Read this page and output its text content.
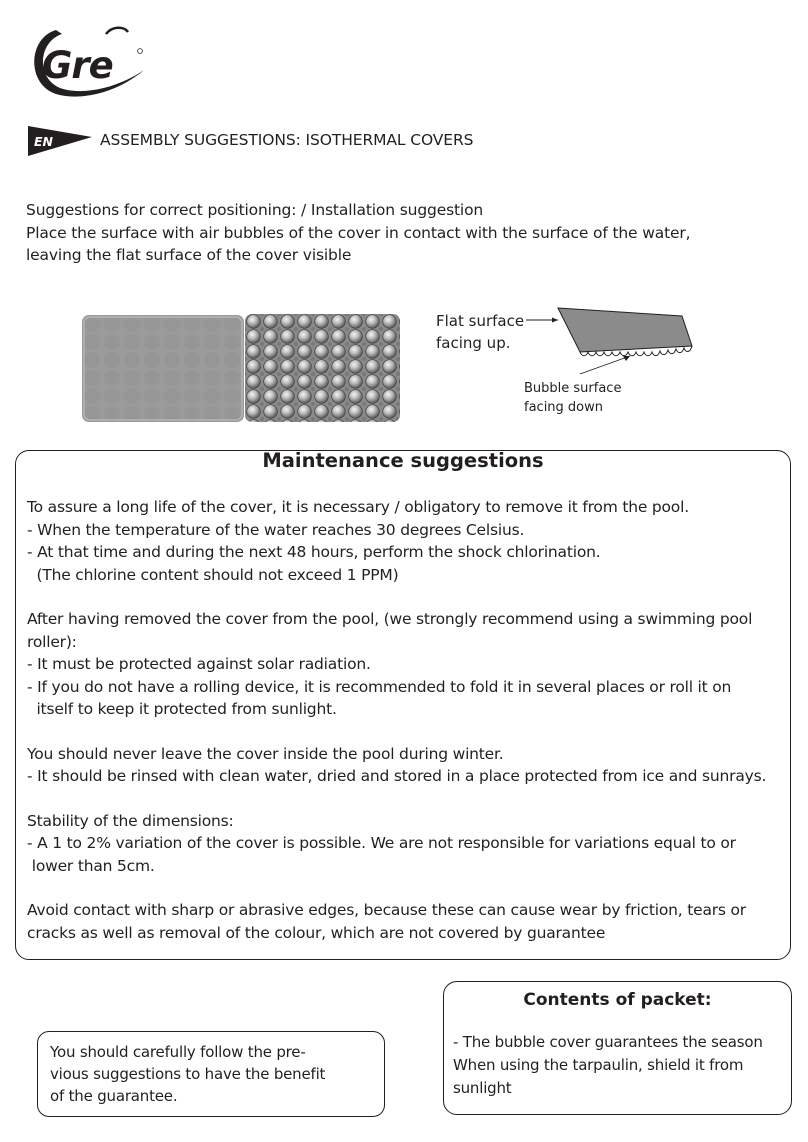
Gre
EN	ASSEMBLY SUGGESTIONS: ISOTHERMAL COVERS

Suggestions for correct positioning: / Installation suggestion

Place the surface with air bubbles of the cover in contact with the surface of the water,

leaving the flat surface of the cover visible

Flat surface

facing up.

Bubble surface

facing down

Maintenance suggestions

To assure a long life of the cover, it is necessary / obligatory to remove it from the pool.

- When the temperature of the water reaches 30 degrees Celsius.

- At that time and during the next 48 hours, perform the shock chlorination.

(The chlorine content should not exceed 1 PPM)

After having removed the cover from the pool, (we strongly recommend using a swimming pool

roller):

- It must be protected against solar radiation.

- If you do not have a rolling device, it is recommended to fold it in several places or roll it on

itself to keep it protected from sunlight.

You should never leave the cover inside the pool during winter.

- It should be rinsed with clean water, dried and stored in a place protected from ice and sunrays.

Stability of the dimensions:

- A 1 to 2% variation of the cover is possible. We are not responsible for variations equal to or

lower than 5cm.

Avoid contact with sharp or abrasive edges, because these can cause wear by friction, tears or

cracks as well as removal of the colour, which are not covered by guarantee

Contents of packet:

- The bubble cover guarantees the season

When using the tarpaulin, shield it from

sunlight

You should carefully follow the pre-

vious suggestions to have the benefit

of the guarantee.
